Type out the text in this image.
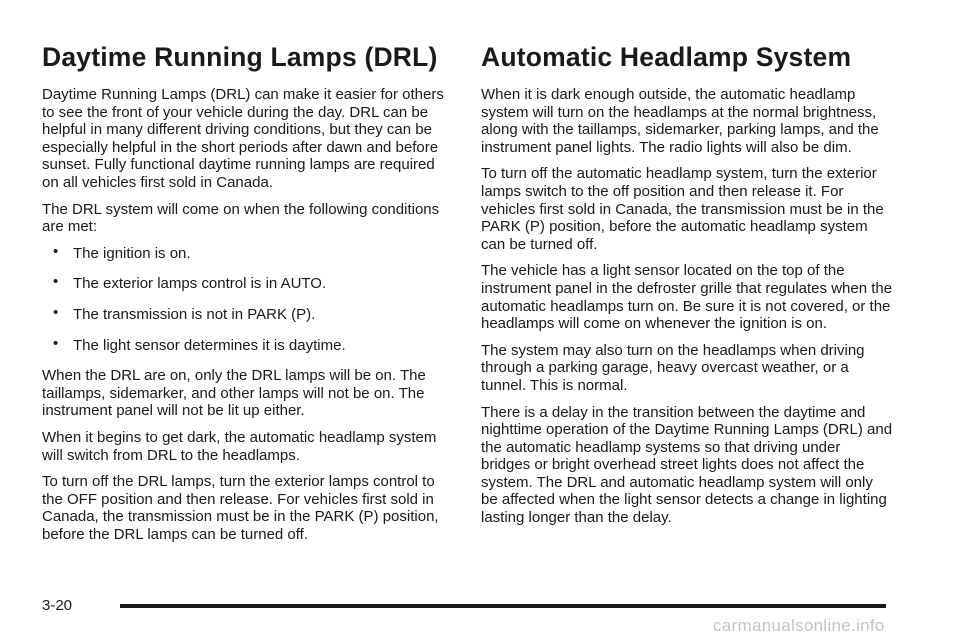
Daytime Running Lamps (DRL)

Daytime Running Lamps (DRL) can make it easier for others to see the front of your vehicle during the day. DRL can be helpful in many different driving conditions, but they can be especially helpful in the short periods after dawn and before sunset. Fully functional daytime running lamps are required on all vehicles first sold in Canada.

The DRL system will come on when the following conditions are met:

• The ignition is on.
• The exterior lamps control is in AUTO.
• The transmission is not in PARK (P).
• The light sensor determines it is daytime.

When the DRL are on, only the DRL lamps will be on. The taillamps, sidemarker, and other lamps will not be on. The instrument panel will not be lit up either.

When it begins to get dark, the automatic headlamp system will switch from DRL to the headlamps.

To turn off the DRL lamps, turn the exterior lamps control to the OFF position and then release. For vehicles first sold in Canada, the transmission must be in the PARK (P) position, before the DRL lamps can be turned off.

Automatic Headlamp System

When it is dark enough outside, the automatic headlamp system will turn on the headlamps at the normal brightness, along with the taillamps, sidemarker, parking lamps, and the instrument panel lights. The radio lights will also be dim.

To turn off the automatic headlamp system, turn the exterior lamps switch to the off position and then release it. For vehicles first sold in Canada, the transmission must be in the PARK (P) position, before the automatic headlamp system can be turned off.

The vehicle has a light sensor located on the top of the instrument panel in the defroster grille that regulates when the automatic headlamps turn on. Be sure it is not covered, or the headlamps will come on whenever the ignition is on.

The system may also turn on the headlamps when driving through a parking garage, heavy overcast weather, or a tunnel. This is normal.

There is a delay in the transition between the daytime and nighttime operation of the Daytime Running Lamps (DRL) and the automatic headlamp systems so that driving under bridges or bright overhead street lights does not affect the system. The DRL and automatic headlamp system will only be affected when the light sensor detects a change in lighting lasting longer than the delay.

3-20
carmanualsonline.info
